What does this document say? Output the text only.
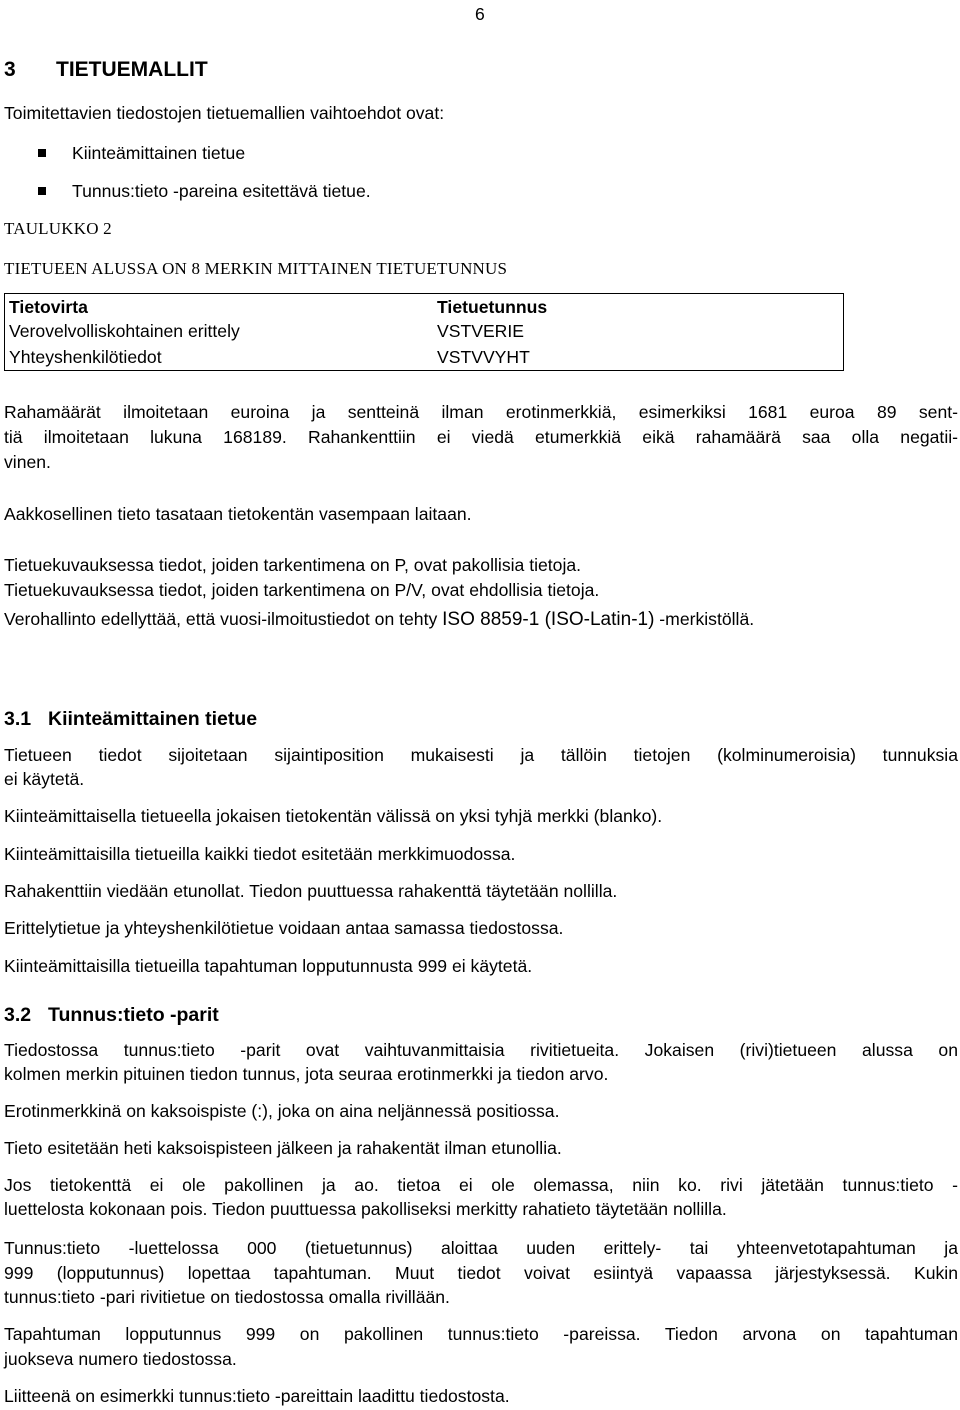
6
3 TIETUEMALLIT
Toimitettavien tiedostojen tietuemallien vaihtoehdot ovat:
Kiinteämittainen tietue
Tunnus:tieto -pareina esitettävä tietue.
TAULUKKO 2
TIETUEEN ALUSSA ON 8 MERKIN MITTAINEN TIETUETUNNUS
Tietovirta	Tietuetunnus
Verovelvolliskohtainen erittely	VSTVERIE
Yhteyshenkilötiedot	VSTVVYHT
Rahamäärät ilmoitetaan euroina ja sentteinä ilman erotinmerkkiä, esimerkiksi 1681 euroa 89 sent-
tiä ilmoitetaan lukuna 168189. Rahankenttiin ei viedä etumerkkiä eikä rahamäärä saa olla negatii-
vinen.
Aakkosellinen tieto tasataan tietokentän vasempaan laitaan.
Tietuekuvauksessa tiedot, joiden tarkentimena on P, ovat pakollisia tietoja.
Tietuekuvauksessa tiedot, joiden tarkentimena on P/V, ovat ehdollisia tietoja.
Verohallinto edellyttää, että vuosi-ilmoitustiedot on tehty ISO 8859-1 (ISO-Latin-1) -merkistöllä.
3.1 Kiinteämittainen tietue
Tietueen tiedot sijoitetaan sijaintiposition mukaisesti ja tällöin tietojen (kolminumeroisia) tunnuksia
ei käytetä.
Kiinteämittaisella tietueella jokaisen tietokentän välissä on yksi tyhjä merkki (blanko).
Kiinteämittaisilla tietueilla kaikki tiedot esitetään merkkimuodossa.
Rahakenttiin viedään etunollat. Tiedon puuttuessa rahakenttä täytetään nollilla.
Erittelytietue ja yhteyshenkilötietue voidaan antaa samassa tiedostossa.
Kiinteämittaisilla tietueilla tapahtuman lopputunnusta 999 ei käytetä.
3.2 Tunnus:tieto -parit
Tiedostossa tunnus:tieto -parit ovat vaihtuvanmittaisia rivitietueita. Jokaisen (rivi)tietueen alussa on
kolmen merkin pituinen tiedon tunnus, jota seuraa erotinmerkki ja tiedon arvo.
Erotinmerkkinä on kaksoispiste (:), joka on aina neljännessä positiossa.
Tieto esitetään heti kaksoispisteen jälkeen ja rahakentät ilman etunollia.
Jos tietokenttä ei ole pakollinen ja ao. tietoa ei ole olemassa, niin ko. rivi jätetään tunnus:tieto -
luettelosta kokonaan pois. Tiedon puuttuessa pakolliseksi merkitty rahatieto täytetään nollilla.
Tunnus:tieto -luettelossa 000 (tietuetunnus) aloittaa uuden erittely- tai yhteenvetotapahtuman ja
999 (lopputunnus) lopettaa tapahtuman. Muut tiedot voivat esiintyä vapaassa järjestyksessä. Kukin
tunnus:tieto -pari rivitietue on tiedostossa omalla rivillään.
Tapahtuman lopputunnus 999 on pakollinen tunnus:tieto -pareissa. Tiedon arvona on tapahtuman
juokseva numero tiedostossa.
Liitteenä on esimerkki tunnus:tieto -pareittain laadittu tiedostosta.
